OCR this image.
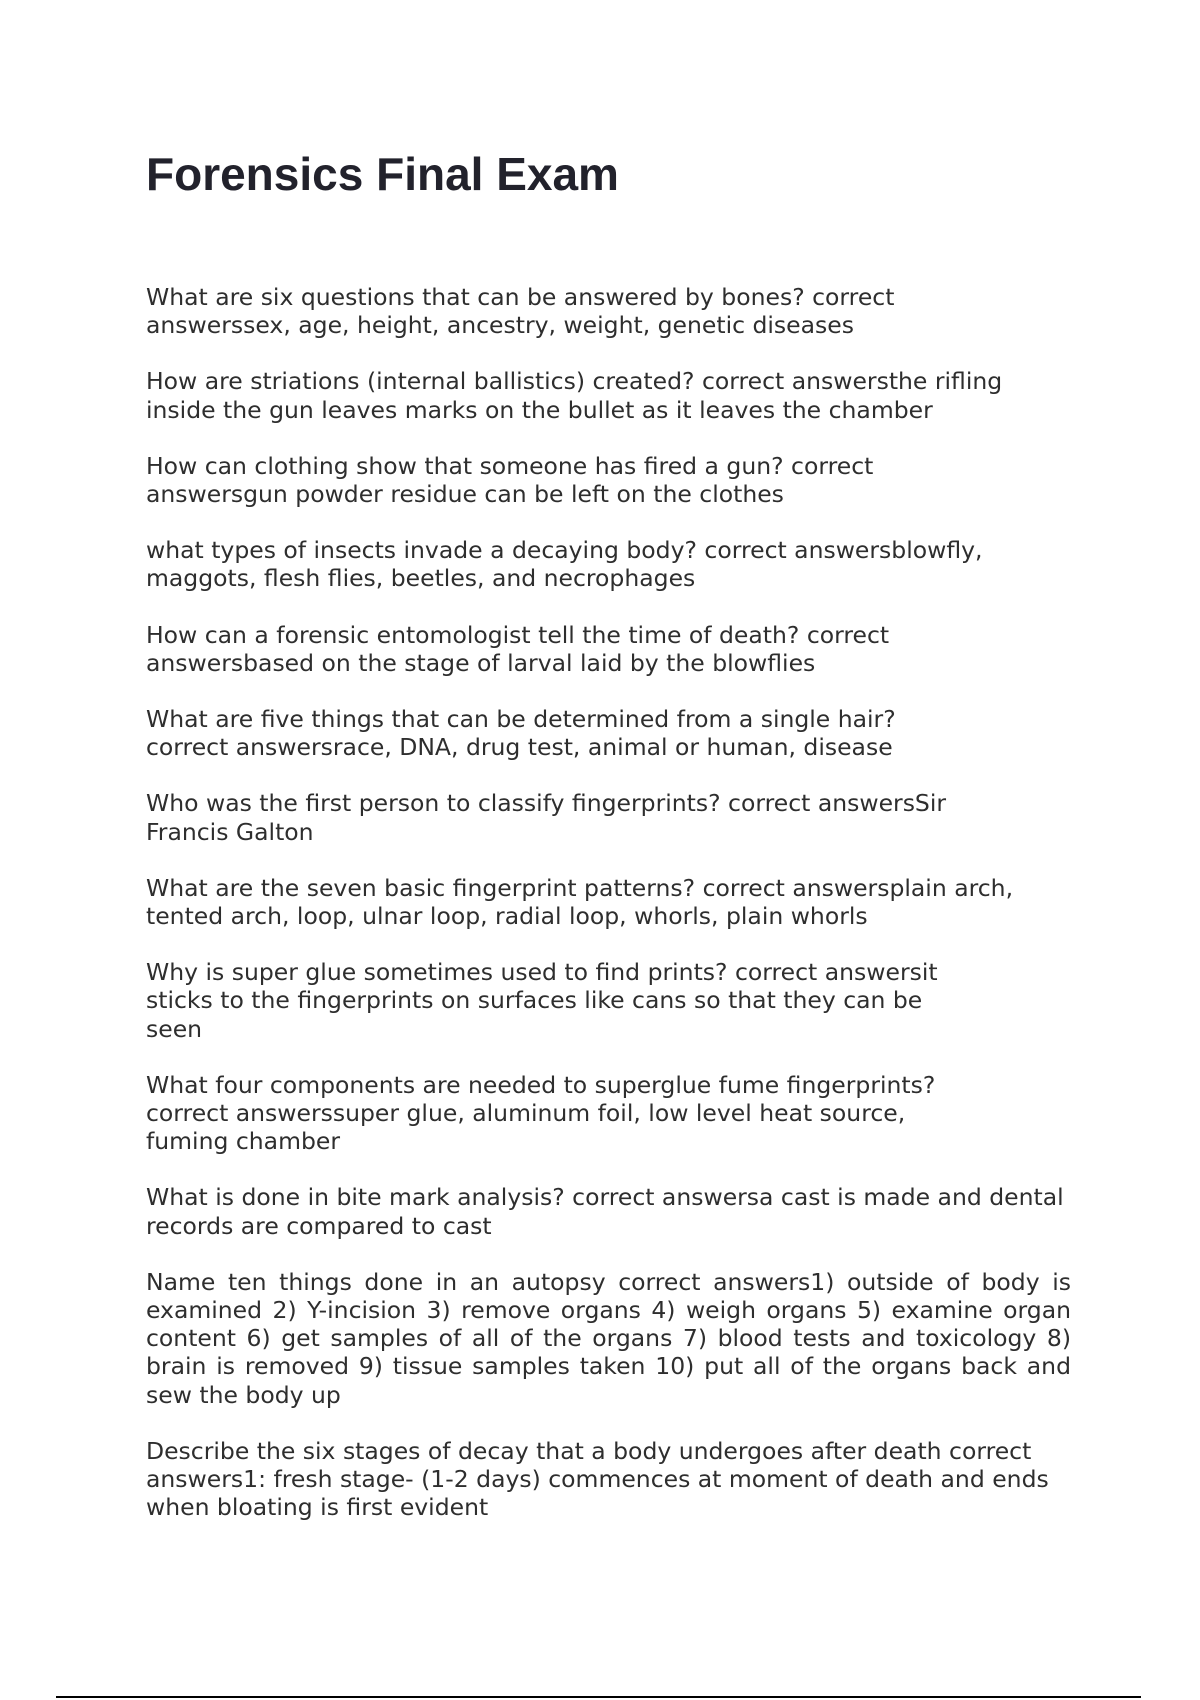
Forensics Final Exam
What are six questions that can be answered by bones? correct answerssex, age, height, ancestry, weight, genetic diseases
How are striations (internal ballistics) created? correct answersthe rifling inside the gun leaves marks on the bullet as it leaves the chamber
How can clothing show that someone has fired a gun? correct answersgun powder residue can be left on the clothes
what types of insects invade a decaying body? correct answersblowfly, maggots, flesh flies, beetles, and necrophages
How can a forensic entomologist tell the time of death? correct answersbased on the stage of larval laid by the blowflies
What are five things that can be determined from a single hair? correct answersrace, DNA, drug test, animal or human, disease
Who was the first person to classify fingerprints? correct answersSir Francis Galton
What are the seven basic fingerprint patterns? correct answersplain arch, tented arch, loop, ulnar loop, radial loop, whorls, plain whorls
Why is super glue sometimes used to find prints? correct answersit sticks to the fingerprints on surfaces like cans so that they can be seen
What four components are needed to superglue fume fingerprints? correct answerssuper glue, aluminum foil, low level heat source, fuming chamber
What is done in bite mark analysis? correct answersa cast is made and dental records are compared to cast
Name ten things done in an autopsy correct answers1) outside of body is examined 2) Y-incision 3) remove organs 4) weigh organs 5) examine organ content 6) get samples of all of the organs 7) blood tests and toxicology 8) brain is removed 9) tissue samples taken 10) put all of the organs back and sew the body up
Describe the six stages of decay that a body undergoes after death correct answers1: fresh stage- (1-2 days) commences at moment of death and ends when bloating is first evident
